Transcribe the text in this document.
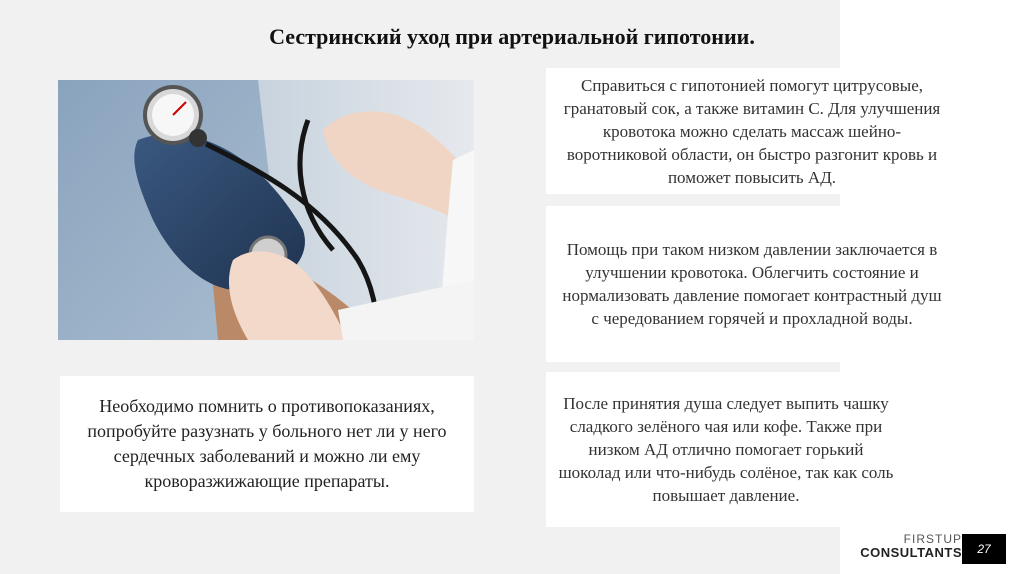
Сестринский уход при артериальной гипотонии.
Справиться с гипотонией помогут цитрусовые, гранатовый сок, а также витамин С. Для улучшения кровотока можно сделать массаж шейно-воротниковой области, он быстро разгонит кровь и поможет повысить АД.
Помощь при таком низком давлении заключается в улучшении кровотока. Облегчить состояние и нормализовать давление помогает контрастный душ с чередованием горячей и прохладной воды.
После принятия душа следует выпить чашку сладкого зелёного чая или кофе. Также при низком АД отлично помогает горький шоколад или что-нибудь солёное, так как соль повышает давление.
Необходимо помнить о противопоказаниях, попробуйте разузнать у больного нет ли у него сердечных заболеваний и можно ли ему кроворазжижающие препараты.
FIRSTUP
CONSULTANTS	27
